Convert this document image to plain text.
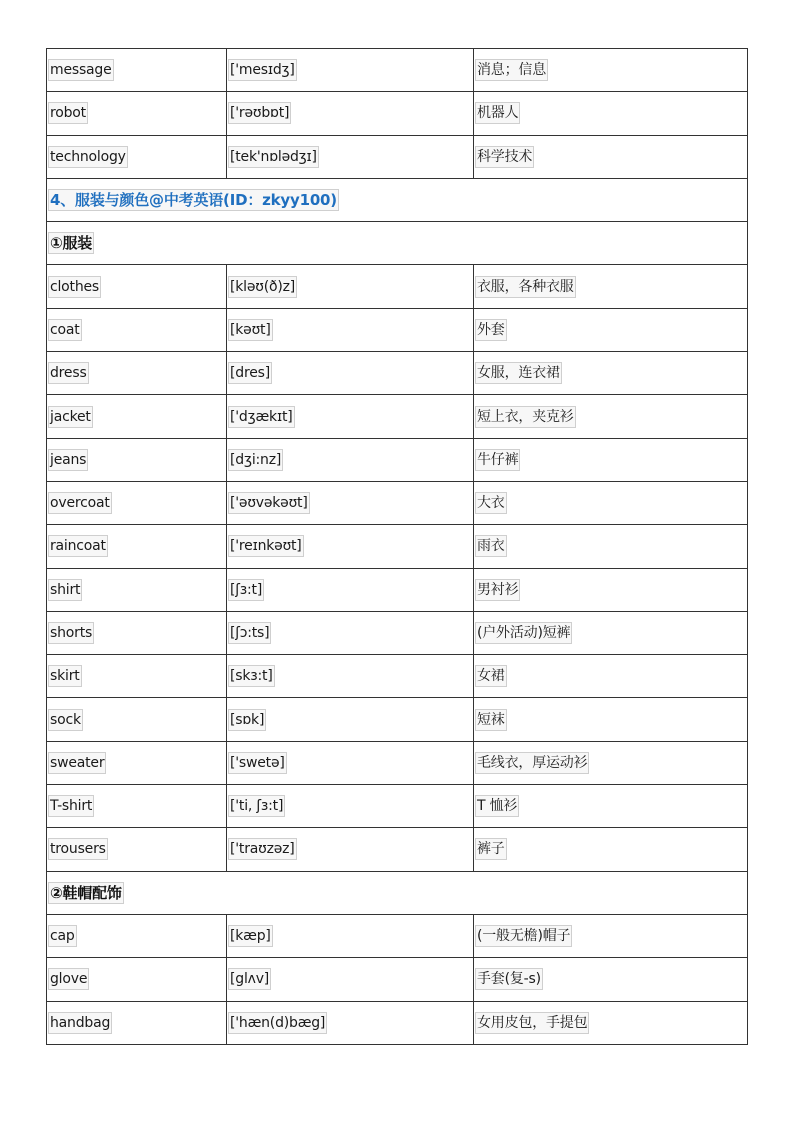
message	['mesɪdʒ]	消息；信息
robot	['rəʊbɒt]	机器人
technology	[tek'nɒlədʒɪ]	科学技术
4、服装与颜色@中考英语(ID：zkyy100)		
①服装		
clothes	[kləʊ(ð)z]	衣服，各种衣服
coat	[kəʊt]	外套
dress	[dres]	女服，连衣裙
jacket	['dʒækɪt]	短上衣，夹克衫
jeans	[dʒi:nz]	牛仔裤
overcoat	['əʊvəkəʊt]	大衣
raincoat	['reɪnkəʊt]	雨衣
shirt	[ʃɜ:t]	男衬衫
shorts	[ʃɔ:ts]	(户外活动)短裤
skirt	[skɜ:t]	女裙
sock	[sɒk]	短袜
sweater	['swetə]	毛线衣，厚运动衫
T-shirt	['ti, ʃɜ:t]	T 恤衫
trousers	['traʊzəz]	裤子
②鞋帽配饰		
cap	[kæp]	(一般无檐)帽子
glove	[glʌv]	手套(复-s)
handbag	['hæn(d)bæg]	女用皮包，手提包
